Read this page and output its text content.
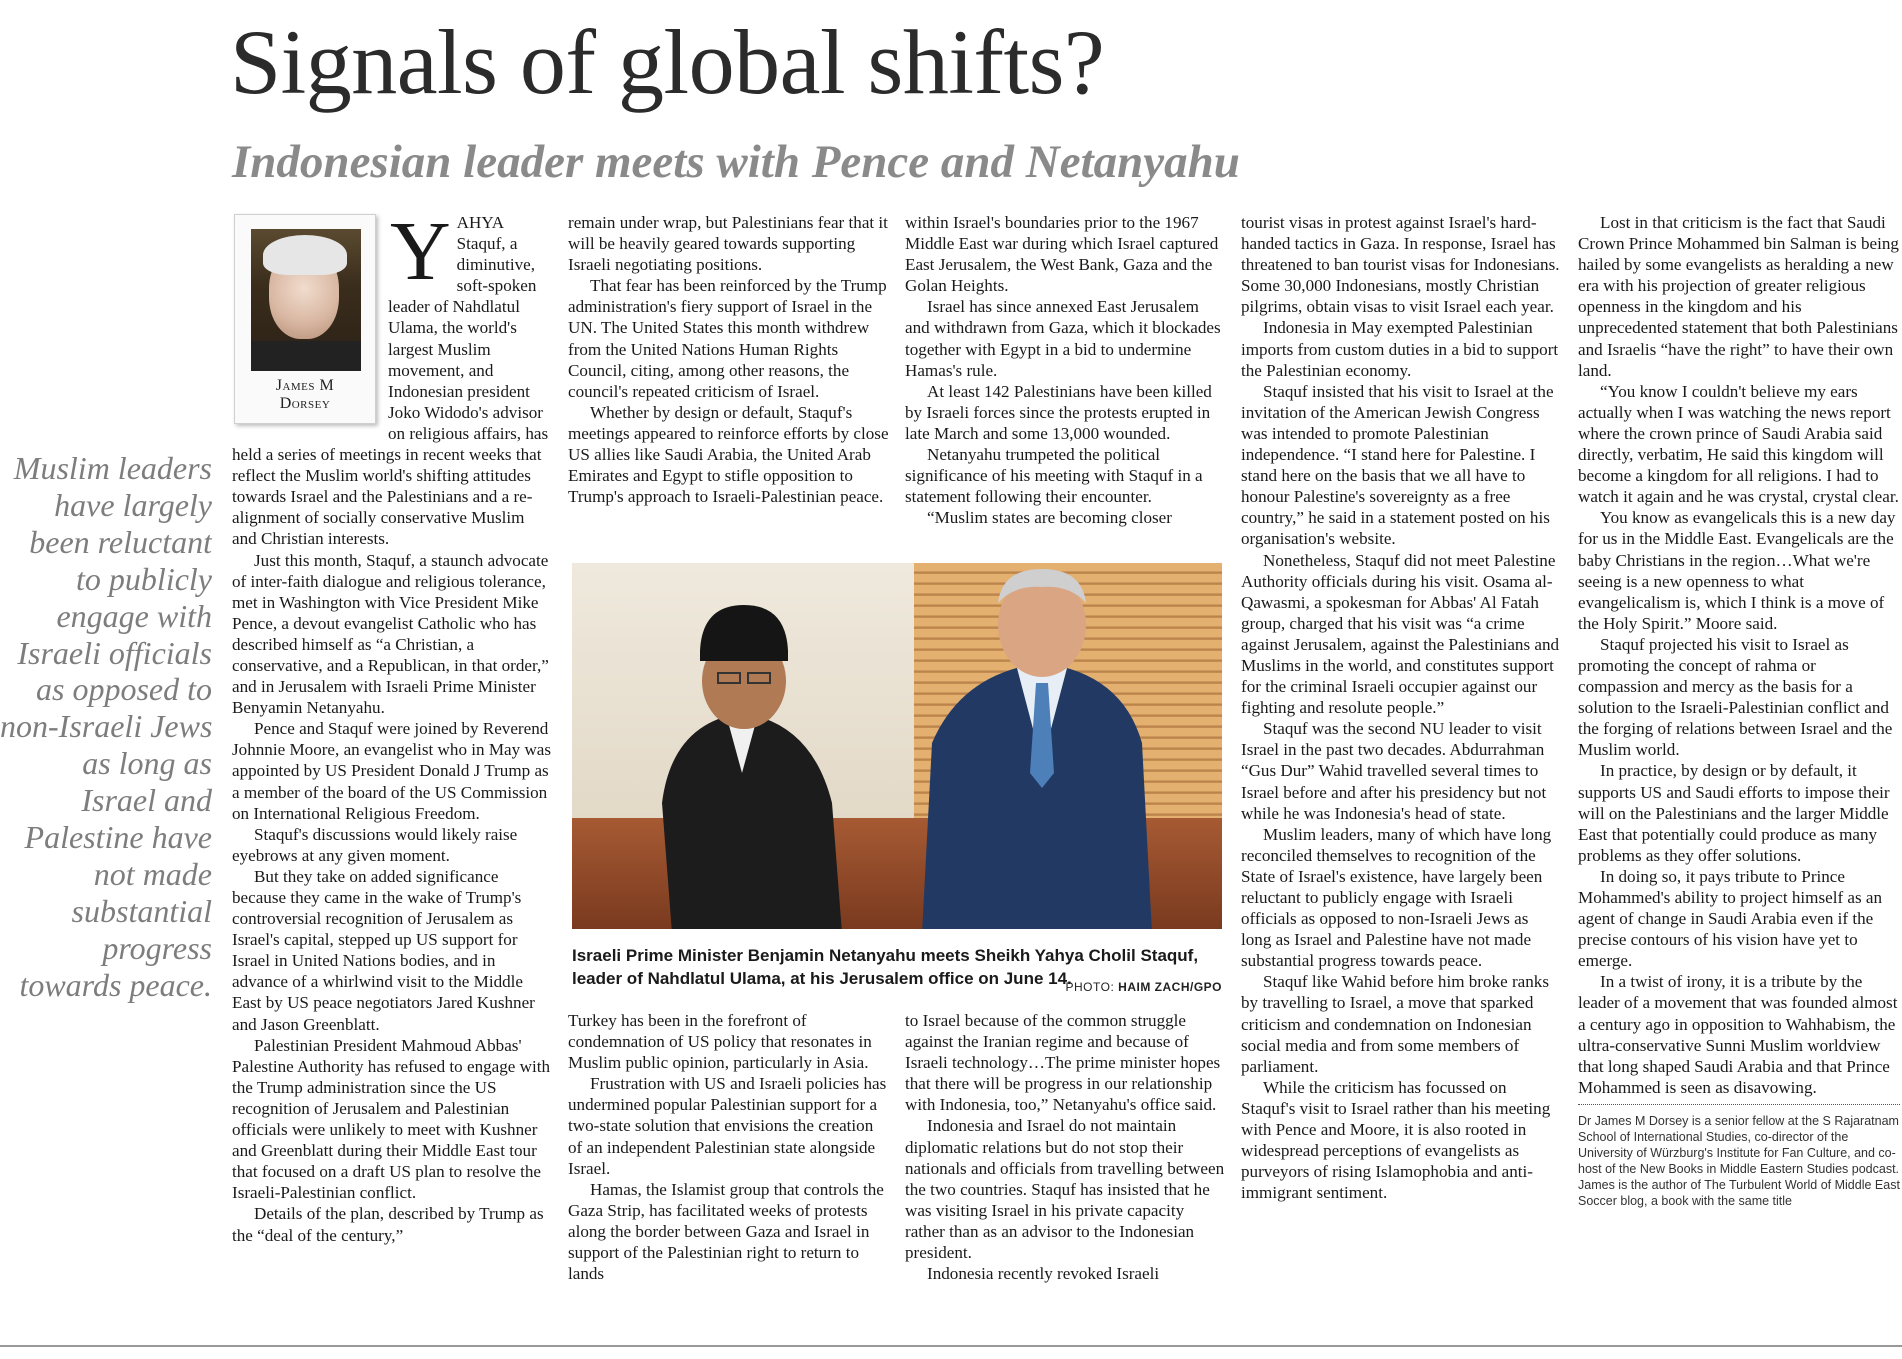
Signals of global shifts?
Indonesian leader meets with Pence and Netanyahu
Muslim leaders
have largely
been reluctant
to publicly
engage with
Israeli officials
as opposed to
non-Israeli Jews
as long as
Israel and
Palestine have
not made
substantial
progress
towards peace.
James M
Dorsey
Y AHYA Staquf, a diminutive, soft-spoken leader of Nahdlatul Ulama, the world's largest Muslim movement, and Indonesian president Joko Widodo's advisor on religious affairs, has held a series of meetings in recent weeks that reflect the Muslim world's shifting attitudes towards Israel and the Palestinians and a re-alignment of socially conservative Muslim and Christian interests.

Just this month, Staquf, a staunch advocate of inter-faith dialogue and religious tolerance, met in Washington with Vice President Mike Pence, a devout evangelist Catholic who has described himself as “a Christian, a conservative, and a Republican, in that order,” and in Jerusalem with Israeli Prime Minister Benyamin Netanyahu.

Pence and Staquf were joined by Reverend Johnnie Moore, an evangelist who in May was appointed by US President Donald J Trump as a member of the board of the US Commission on International Religious Freedom.

Staquf's discussions would likely raise eyebrows at any given moment.

But they take on added significance because they came in the wake of Trump's controversial recognition of Jerusalem as Israel's capital, stepped up US support for Israel in United Nations bodies, and in advance of a whirlwind visit to the Middle East by US peace negotiators Jared Kushner and Jason Greenblatt.

Palestinian President Mahmoud Abbas' Palestine Authority has refused to engage with the Trump administration since the US recognition of Jerusalem and Palestinian officials were unlikely to meet with Kushner and Greenblatt during their Middle East tour that focused on a draft US plan to resolve the Israeli-Palestinian conflict.

Details of the plan, described by Trump as the “deal of the century,”

remain under wrap, but Palestinians fear that it will be heavily geared towards supporting Israeli negotiating positions.

That fear has been reinforced by the Trump administration's fiery support of Israel in the UN. The United States this month withdrew from the United Nations Human Rights Council, citing, among other reasons, the council's repeated criticism of Israel.

Whether by design or default, Staquf's meetings appeared to reinforce efforts by close US allies like Saudi Arabia, the United Arab Emirates and Egypt to stifle opposition to Trump's approach to Israeli-Palestinian peace.

within Israel's boundaries prior to the 1967 Middle East war during which Israel captured East Jerusalem, the West Bank, Gaza and the Golan Heights.

Israel has since annexed East Jerusalem and withdrawn from Gaza, which it blockades together with Egypt in a bid to undermine Hamas's rule.

At least 142 Palestinians have been killed by Israeli forces since the protests erupted in late March and some 13,000 wounded.

Netanyahu trumpeted the political significance of his meeting with Staquf in a statement following their encounter.

“Muslim states are becoming closer

Israeli Prime Minister Benjamin Netanyahu meets Sheikh Yahya Cholil Staquf, leader of Nahdlatul Ulama, at his Jerusalem office on June 14.
PHOTO: HAIM ZACH/GPO

Turkey has been in the forefront of condemnation of US policy that resonates in Muslim public opinion, particularly in Asia.

Frustration with US and Israeli policies has undermined popular Palestinian support for a two-state solution that envisions the creation of an independent Palestinian state alongside Israel.

Hamas, the Islamist group that controls the Gaza Strip, has facilitated weeks of protests along the border between Gaza and Israel in support of the Palestinian right to return to lands

to Israel because of the common struggle against the Iranian regime and because of Israeli technology…The prime minister hopes that there will be progress in our relationship with Indonesia, too,” Netanyahu's office said.

Indonesia and Israel do not maintain diplomatic relations but do not stop their nationals and officials from travelling between the two countries. Staquf has insisted that he was visiting Israel in his private capacity rather than as an advisor to the Indonesian president.

Indonesia recently revoked Israeli

tourist visas in protest against Israel's hard-handed tactics in Gaza. In response, Israel has threatened to ban tourist visas for Indonesians. Some 30,000 Indonesians, mostly Christian pilgrims, obtain visas to visit Israel each year.

Indonesia in May exempted Palestinian imports from custom duties in a bid to support the Palestinian economy.

Staquf insisted that his visit to Israel at the invitation of the American Jewish Congress was intended to promote Palestinian independence. “I stand here for Palestine. I stand here on the basis that we all have to honour Palestine's sovereignty as a free country,” he said in a statement posted on his organisation's website.

Nonetheless, Staquf did not meet Palestine Authority officials during his visit. Osama al-Qawasmi, a spokesman for Abbas' Al Fatah group, charged that his visit was “a crime against Jerusalem, against the Palestinians and Muslims in the world, and constitutes support for the criminal Israeli occupier against our fighting and resolute people.”

Staquf was the second NU leader to visit Israel in the past two decades. Abdurrahman “Gus Dur” Wahid travelled several times to Israel before and after his presidency but not while he was Indonesia's head of state.

Muslim leaders, many of which have long reconciled themselves to recognition of the State of Israel's existence, have largely been reluctant to publicly engage with Israeli officials as opposed to non-Israeli Jews as long as Israel and Palestine have not made substantial progress towards peace.

Staquf like Wahid before him broke ranks by travelling to Israel, a move that sparked criticism and condemnation on Indonesian social media and from some members of parliament.

While the criticism has focussed on Staquf's visit to Israel rather than his meeting with Pence and Moore, it is also rooted in widespread perceptions of evangelists as purveyors of rising Islamophobia and anti-immigrant sentiment.

Lost in that criticism is the fact that Saudi Crown Prince Mohammed bin Salman is being hailed by some evangelists as heralding a new era with his projection of greater religious openness in the kingdom and his unprecedented statement that both Palestinians and Israelis “have the right” to have their own land.

“You know I couldn't believe my ears actually when I was watching the news report where the crown prince of Saudi Arabia said directly, verbatim, He said this kingdom will become a kingdom for all religions. I had to watch it again and he was crystal, crystal clear.

You know as evangelicals this is a new day for us in the Middle East. Evangelicals are the baby Christians in the region…What we're seeing is a new openness to what evangelicalism is, which I think is a move of the Holy Spirit.” Moore said.

Staquf projected his visit to Israel as promoting the concept of rahma or compassion and mercy as the basis for a solution to the Israeli-Palestinian conflict and the forging of relations between Israel and the Muslim world.

In practice, by design or by default, it supports US and Saudi efforts to impose their will on the Palestinians and the larger Middle East that potentially could produce as many problems as they offer solutions.

In doing so, it pays tribute to Prince Mohammed's ability to project himself as an agent of change in Saudi Arabia even if the precise contours of his vision have yet to emerge.

In a twist of irony, it is a tribute by the leader of a movement that was founded almost a century ago in opposition to Wahhabism, the ultra-conservative Sunni Muslim worldview that long shaped Saudi Arabia and that Prince Mohammed is seen as disavowing.

Dr James M Dorsey is a senior fellow at the S Rajaratnam School of International Studies, co-director of the University of Würzburg's Institute for Fan Culture, and co-host of the New Books in Middle Eastern Studies podcast. James is the author of The Turbulent World of Middle East Soccer blog, a book with the same title
